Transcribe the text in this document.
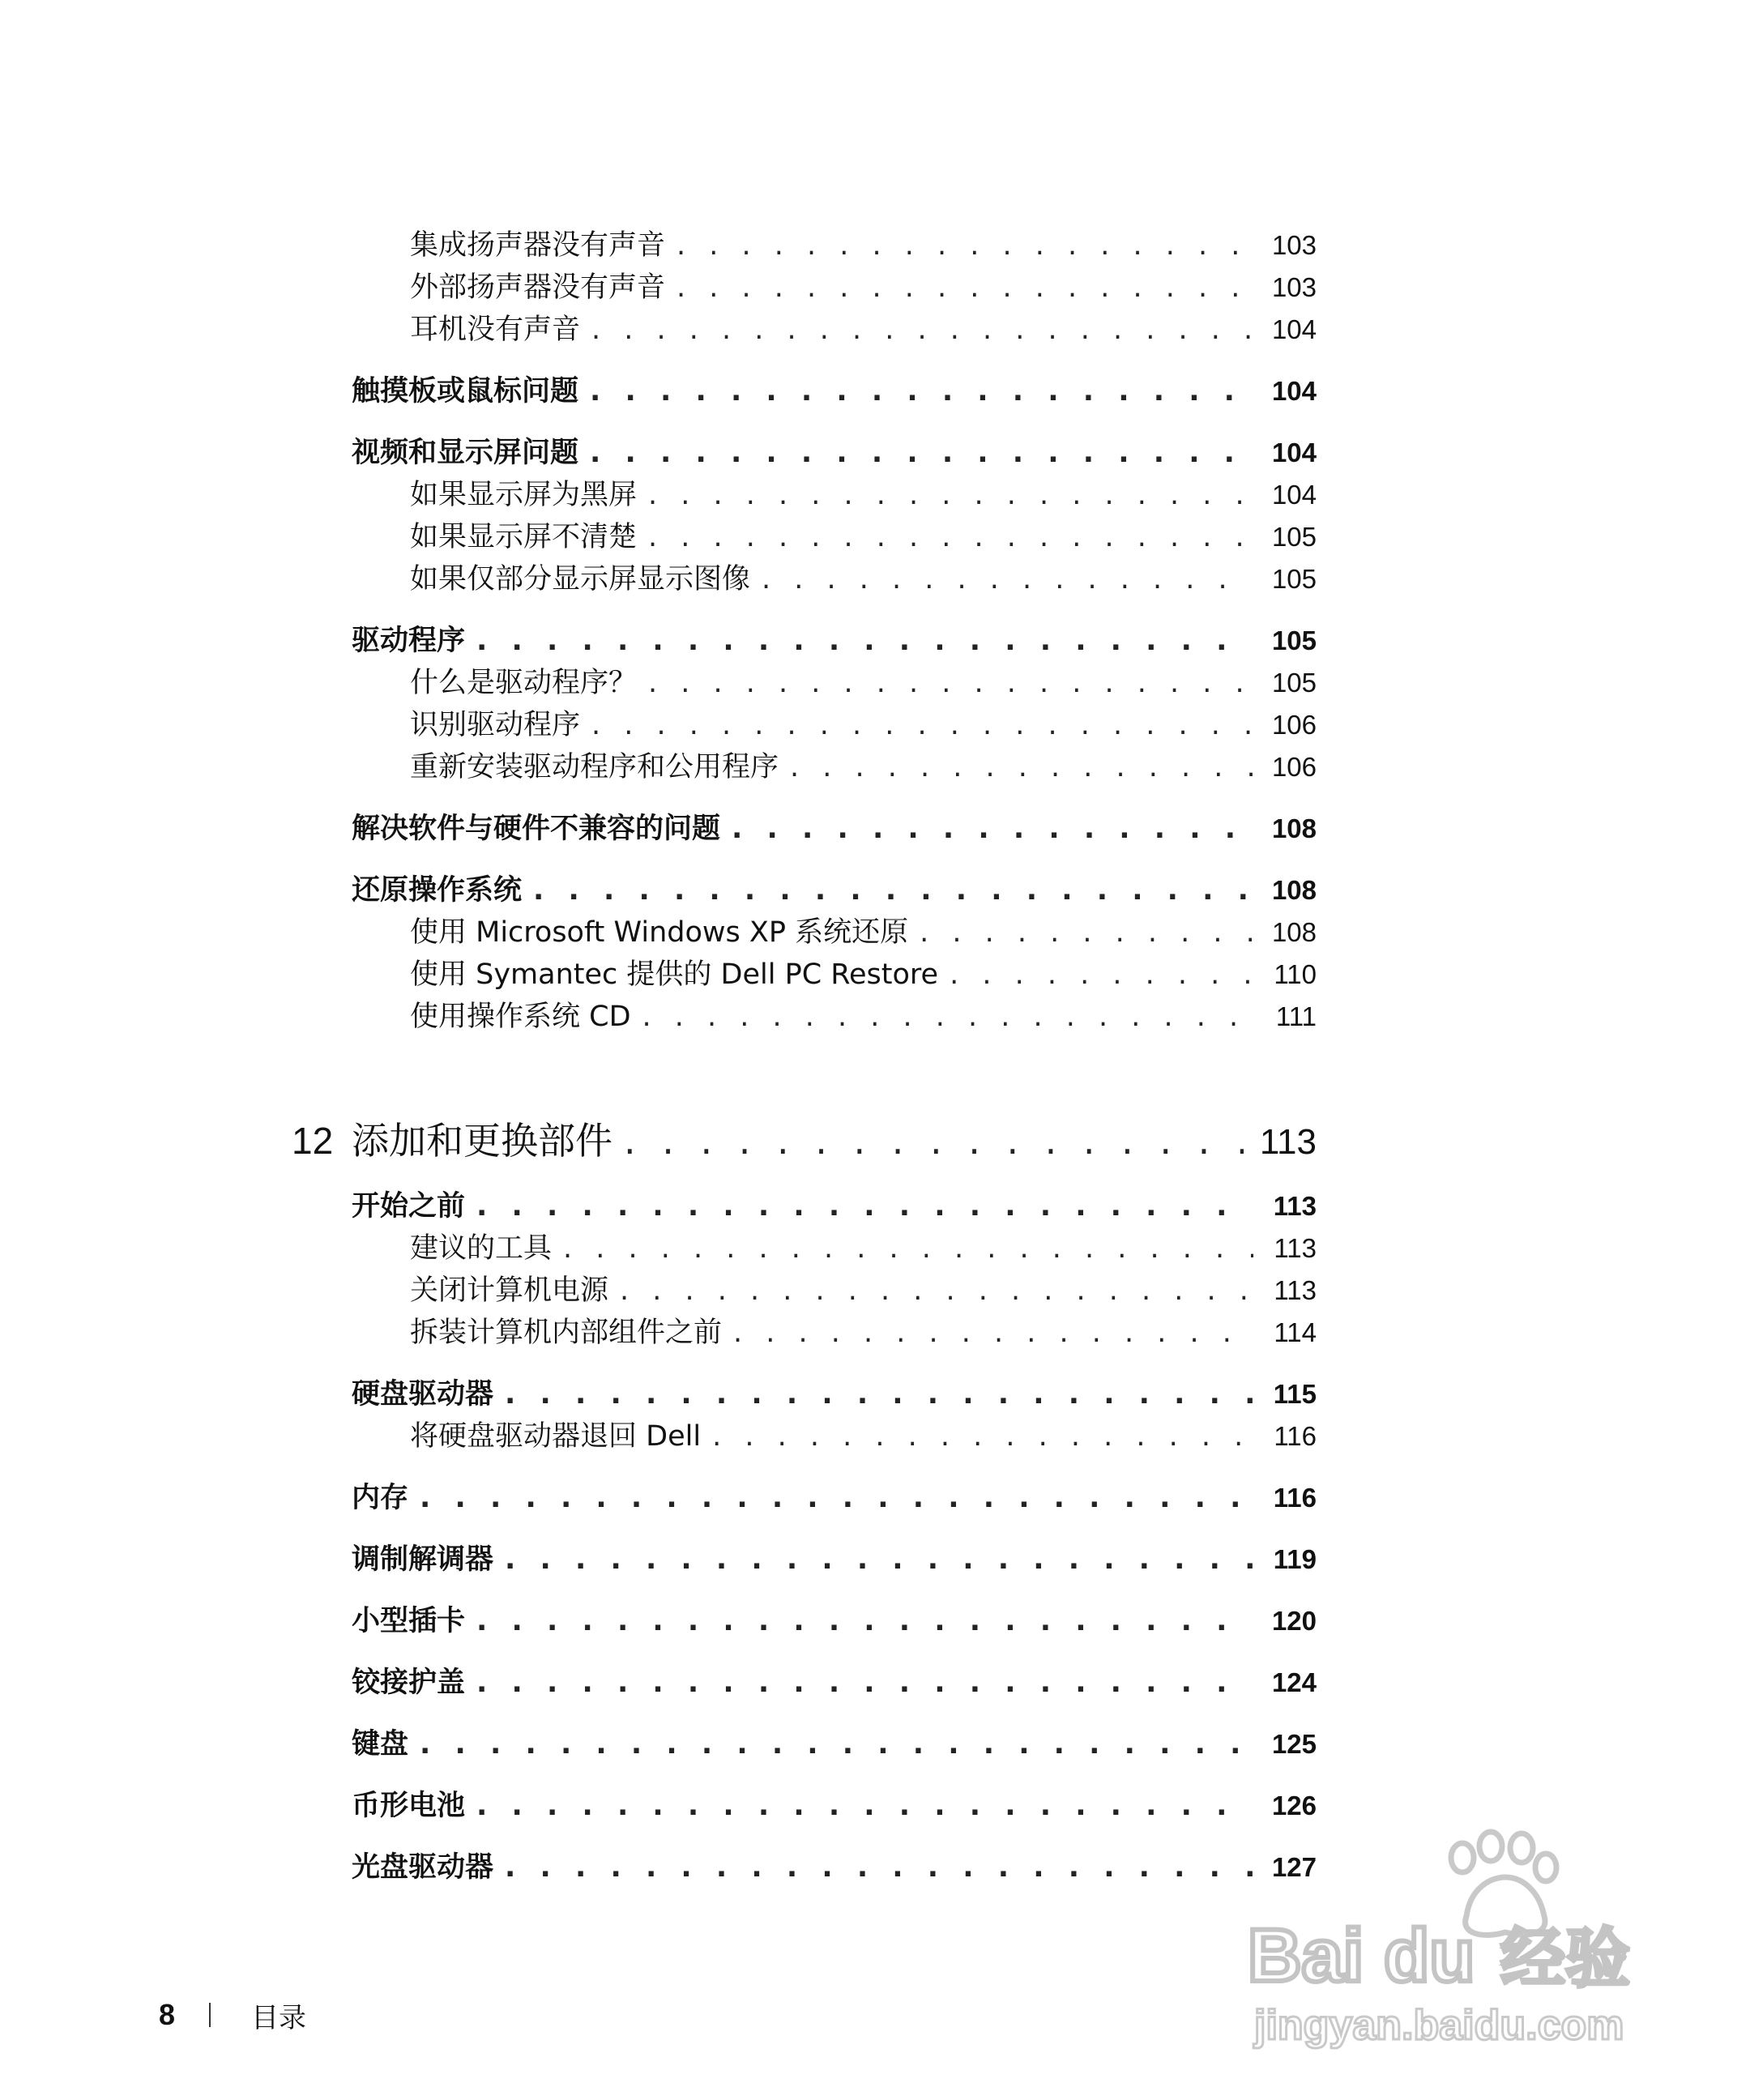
集成扬声器没有声音 . . .	103
外部扬声器没有声音 . . .	103
耳机没有声音 . . .	104
触摸板或鼠标问题 . . .	104
视频和显示屏问题 . . .	104
如果显示屏为黑屏 . . .	104
如果显示屏不清楚 . . .	105
如果仅部分显示屏显示图像 . . .	105
驱动程序 . . .	105
什么是驱动程序？ . . .	105
识别驱动程序 . . .	106
重新安装驱动程序和公用程序 . . .	106
解决软件与硬件不兼容的问题 . . .	108
还原操作系统 . . .	108
使用 Microsoft Windows XP 系统还原 . . .	108
使用 Symantec 提供的 Dell PC Restore . . .	110
使用操作系统 CD . . .	111
12 添加和更换部件 . . .	113
开始之前 . . .	113
建议的工具 . . .	113
关闭计算机电源 . . .	113
拆装计算机内部组件之前 . . .	114
硬盘驱动器 . . .	115
将硬盘驱动器退回 Dell . . .	116
内存 . . .	116
调制解调器 . . .	119
小型插卡 . . .	120
铰接护盖 . . .	124
键盘 . . .	125
币形电池 . . .	126
光盘驱动器 . . .	127
8	目录
Bai du 经验
jingyan.baidu.com
